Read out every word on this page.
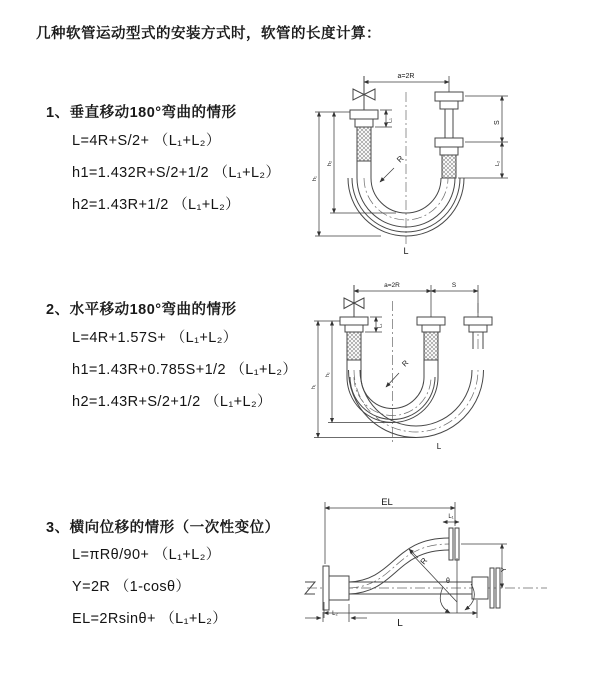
几种软管运动型式的安装方式时，软管的长度计算：
1、垂直移动180°弯曲的情形
L=4R+S/2+ （L₁+L₂）
h1=1.432R+S/2+1/2 （L₁+L₂）
h2=1.43R+1/2 （L₁+L₂）
2、水平移动180°弯曲的情形
L=4R+1.57S+ （L₁+L₂）
h1=1.43R+0.785S+1/2 （L₁+L₂）
h2=1.43R+S/2+1/2 （L₁+L₂）
3、横向位移的情形（一次性变位）
L=πRθ/90+ （L₁+L₂）
Y=2R （1-cosθ）
EL=2Rsinθ+ （L₁+L₂）
a=2R
L₁	S
L₂
h₂
h₁
R
L
a=2R	S
L₁
h₂
h₁
R
L
EL
L₁
L₂
Y
θ
R
L
